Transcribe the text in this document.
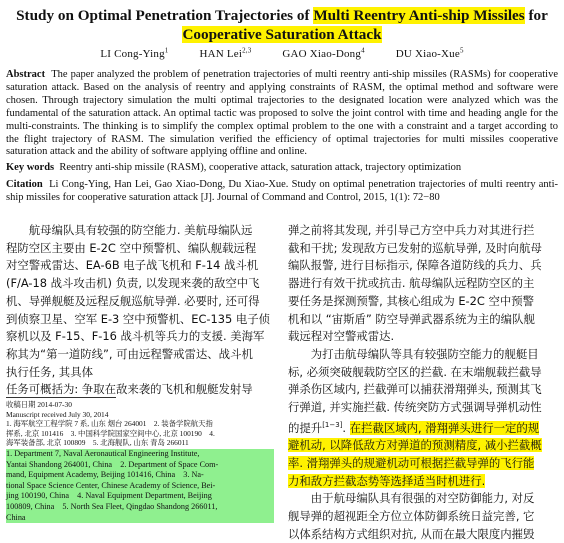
Study on Optimal Penetration Trajectories of Multi Reentry Anti-ship Missiles for
Cooperative Saturation Attack
LI Cong-Ying$^1$	HAN Lei$^{2,3}$	GAO Xiao-Dong$^4$	DU Xiao-Xue$^5$
Abstract The paper analyzed the problem of penetration trajectories of multi reentry anti-ship missiles (RASMs) for cooperative saturation attack. Based on the analysis of reentry and applying constraints of RASM, the optimal method and software were chosen. Through trajectory simulation the multi optimal trajectories to the designated location were analyzed which was the fundamental of the saturation attack. An optimal tactic was proposed to solve the joint control with time and heading angle for the multi-constraints. The thinking is to simplify the complex optimal problem to the one with a constraint and a target according to the flight trajectory of RASM. The simulation verified the efficiency of optimal trajectories for multi missiles cooperative saturation attack and the ability of software applying offline and online.
Key words Reentry anti-ship missile (RASM), cooperative attack, saturation attack, trajectory optimization
Citation Li Cong-Ying, Han Lei, Gao Xiao-Dong, Du Xiao-Xue. Study on optimal penetration trajectories of multi reentry anti-ship missiles for cooperative saturation attack [J]. Journal of Command and Control, 2015, 1(1): 72−80
　　航母编队具有较强的防空能力. 美航母编队远
程防空区主要由 E-2C 空中预警机、编队舰载远程
对空警戒雷达、EA-6B 电子战飞机和 F-14 战斗机
(F/A-18 战斗攻击机) 负责, 以发现来袭的敌空中飞
机、导弹舰艇及远程反舰巡航导弹. 必要时, 还可得
到侦察卫星、空军 E-3 空中预警机、EC-135 电子侦
察机以及 F-15、F-16 战斗机等兵力的支援. 美海军
称其为“第一道防线”, 可由远程警戒雷达、战斗机
执行任务, 其具体
任务可概括为: 争取在敌来袭的飞机和舰艇发射导
收稿日期 2014-07-30
Manuscript received July 30, 2014
1. 海军航空工程学院 7 系, 山东 烟台 264001　2. 装备学院航天指
挥系, 北京 101416　3. 中国科学院国家空间中心, 北京 100190　4.
海军装备部, 北京 100809　5. 北海舰队, 山东 青岛 266011
1. Department 7, Naval Aeronautical Engineering Institute,
Yantai Shandong 264001, China　2. Department of Space Com-
mand, Equipment Academy, Beijing 101416, China　3. Na-
tional Space Science Center, Chinese Academy of Science, Bei-
jing 100190, China　4. Naval Equipment Department, Beijing
100809, China　5. North Sea Fleet, Qingdao Shandong 266011,
China
弹之前将其发现, 并引导己方空中兵力对其进行拦
截和干扰; 发现敌方已发射的巡航导弹, 及时向航母
编队报警, 进行目标指示, 保障各道防线的兵力、兵
器进行有效干扰或抗击. 航母编队远程防空区的主
要任务是探测预警, 其核心组成为 E-2C 空中预警
机和以 “宙斯盾” 防空导弹武器系统为主的编队舰
载远程对空警戒雷达.
　　为打击航母编队等具有较强防空能力的舰艇目
标, 必须突破舰载防空区的拦截. 在末端舰载拦截导
弹杀伤区域内, 拦截弹可以捕获滑翔弹头, 预测其飞
行弹道, 并实施拦截. 传统突防方式强调导弹机动性
的提升[1−3]. 在拦截区域内, 滑翔弹头进行一定的规
避机动, 以降低敌方对弹道的预测精度, 减小拦截概
率. 滑翔弹头的规避机动可根据拦截导弹的飞行能
力和敌方拦截态势等选择适当时机进行.
　　由于航母编队具有很强的对空防御能力, 对反
舰导弹的超视距全方位立体防御系统日益完善, 它
以体系结构方式组织对抗, 从而在最大限度内摧毁
